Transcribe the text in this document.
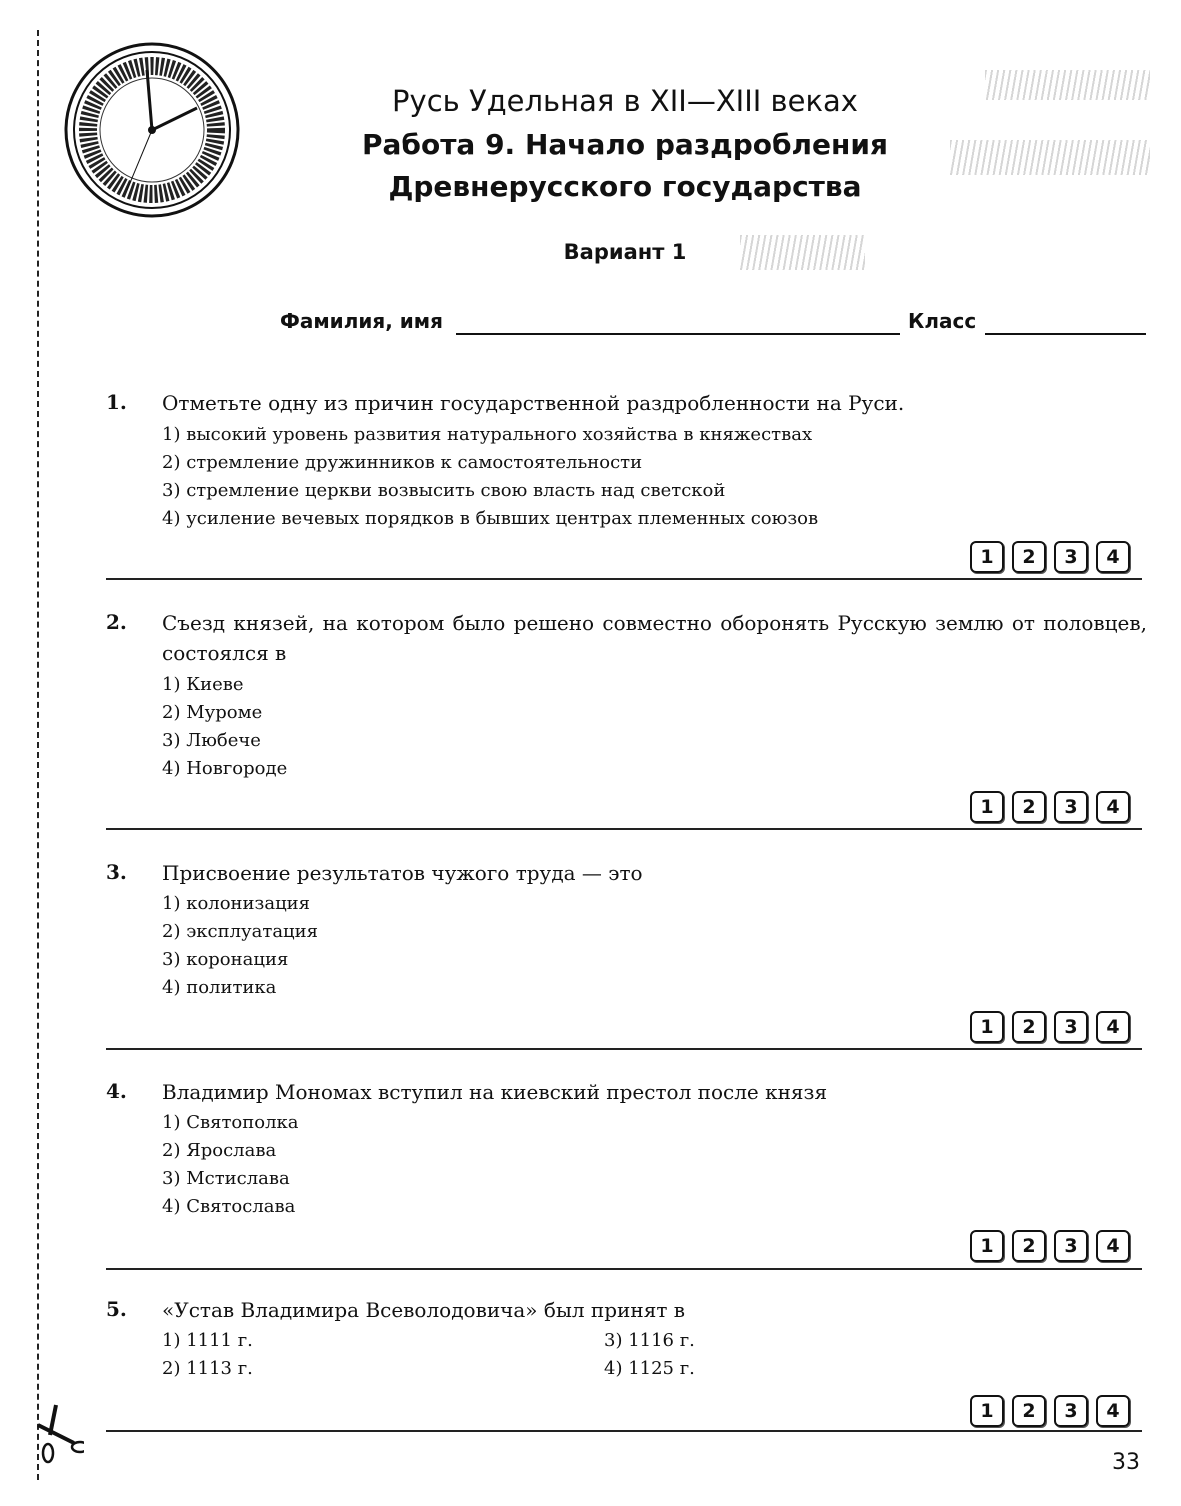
Русь Удельная в XII—XIII веках
Работа 9. Начало раздробления
Древнерусского государства
Вариант 1
Фамилия, имя	Класс
1. Отметьте одну из причин государственной раздробленности на Руси.
1) высокий уровень развития натурального хозяйства в княжествах
2) стремление дружинников к самостоятельности
3) стремление церкви возвысить свою власть над светской
4) усиление вечевых порядков в бывших центрах племенных союзов
1	2	3	4
2. Съезд князей, на котором было решено совместно оборонять Русскую землю от половцев, состоялся в
1) Киеве
2) Муроме
3) Любече
4) Новгороде
1	2	3	4
3. Присвоение результатов чужого труда — это
1) колонизация
2) эксплуатация
3) коронация
4) политика
1	2	3	4
4. Владимир Мономах вступил на киевский престол после князя
1) Святополка
2) Ярослава
3) Мстислава
4) Святослава
1	2	3	4
5. «Устав Владимира Всеволодовича» был принят в
1) 1111 г.
2) 1113 г.
3) 1116 г.
4) 1125 г.
1	2	3	4
33
